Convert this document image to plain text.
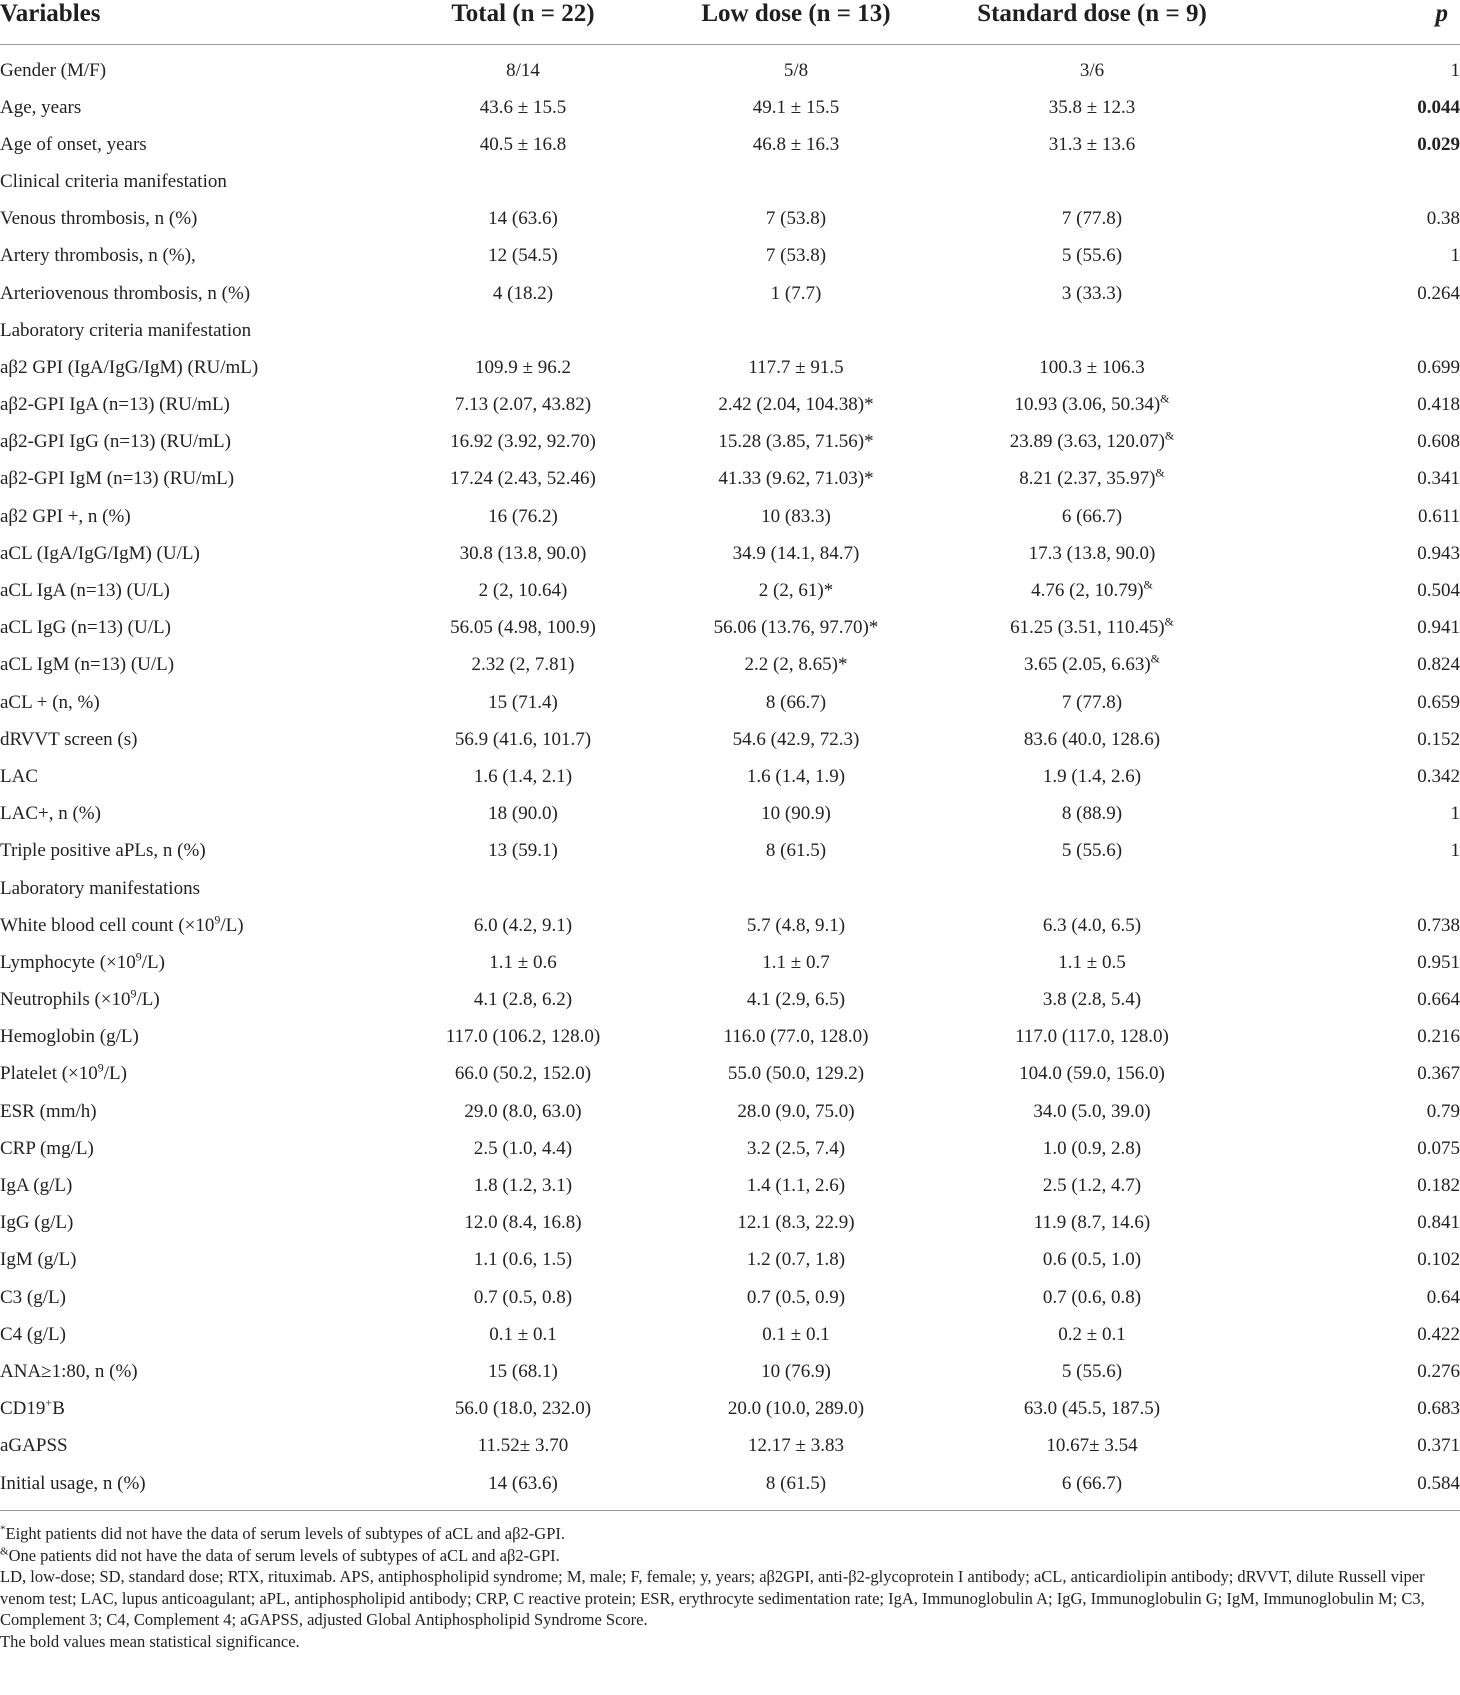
Variables	Total (n = 22)	Low dose (n = 13)	Standard dose (n = 9)	p
Gender (M/F)	8/14	5/8	3/6	1
Age, years	43.6 ± 15.5	49.1 ± 15.5	35.8 ± 12.3	0.044
Age of onset, years	40.5 ± 16.8	46.8 ± 16.3	31.3 ± 13.6	0.029
Clinical criteria manifestation				
Venous thrombosis, n (%)	14 (63.6)	7 (53.8)	7 (77.8)	0.38
Artery thrombosis, n (%),	12 (54.5)	7 (53.8)	5 (55.6)	1
Arteriovenous thrombosis, n (%)	4 (18.2)	1 (7.7)	3 (33.3)	0.264
Laboratory criteria manifestation				
aβ2 GPI (IgA/IgG/IgM) (RU/mL)	109.9 ± 96.2	117.7 ± 91.5	100.3 ± 106.3	0.699
aβ2-GPI IgA (n=13) (RU/mL)	7.13 (2.07, 43.82)	2.42 (2.04, 104.38)*	10.93 (3.06, 50.34)&	0.418
aβ2-GPI IgG (n=13) (RU/mL)	16.92 (3.92, 92.70)	15.28 (3.85, 71.56)*	23.89 (3.63, 120.07)&	0.608
aβ2-GPI IgM (n=13) (RU/mL)	17.24 (2.43, 52.46)	41.33 (9.62, 71.03)*	8.21 (2.37, 35.97)&	0.341
aβ2 GPI +, n (%)	16 (76.2)	10 (83.3)	6 (66.7)	0.611
aCL (IgA/IgG/IgM) (U/L)	30.8 (13.8, 90.0)	34.9 (14.1, 84.7)	17.3 (13.8, 90.0)	0.943
aCL IgA (n=13) (U/L)	2 (2, 10.64)	2 (2, 61)*	4.76 (2, 10.79)&	0.504
aCL IgG (n=13) (U/L)	56.05 (4.98, 100.9)	56.06 (13.76, 97.70)*	61.25 (3.51, 110.45)&	0.941
aCL IgM (n=13) (U/L)	2.32 (2, 7.81)	2.2 (2, 8.65)*	3.65 (2.05, 6.63)&	0.824
aCL + (n, %)	15 (71.4)	8 (66.7)	7 (77.8)	0.659
dRVVT screen (s)	56.9 (41.6, 101.7)	54.6 (42.9, 72.3)	83.6 (40.0, 128.6)	0.152
LAC	1.6 (1.4, 2.1)	1.6 (1.4, 1.9)	1.9 (1.4, 2.6)	0.342
LAC+, n (%)	18 (90.0)	10 (90.9)	8 (88.9)	1
Triple positive aPLs, n (%)	13 (59.1)	8 (61.5)	5 (55.6)	1
Laboratory manifestations				
White blood cell count $(\times 10^9/L)$	6.0 (4.2, 9.1)	5.7 (4.8, 9.1)	6.3 (4.0, 6.5)	0.738
Lymphocyte $(\times 10^9/L)$	1.1 ± 0.6	1.1 ± 0.7	1.1 ± 0.5	0.951
Neutrophils $(\times 10^9/L)$	4.1 (2.8, 6.2)	4.1 (2.9, 6.5)	3.8 (2.8, 5.4)	0.664
Hemoglobin (g/L)	117.0 (106.2, 128.0)	116.0 (77.0, 128.0)	117.0 (117.0, 128.0)	0.216
Platelet $(\times 10^9/L)$	66.0 (50.2, 152.0)	55.0 (50.0, 129.2)	104.0 (59.0, 156.0)	0.367
ESR (mm/h)	29.0 (8.0, 63.0)	28.0 (9.0, 75.0)	34.0 (5.0, 39.0)	0.79
CRP (mg/L)	2.5 (1.0, 4.4)	3.2 (2.5, 7.4)	1.0 (0.9, 2.8)	0.075
IgA (g/L)	1.8 (1.2, 3.1)	1.4 (1.1, 2.6)	2.5 (1.2, 4.7)	0.182
IgG (g/L)	12.0 (8.4, 16.8)	12.1 (8.3, 22.9)	11.9 (8.7, 14.6)	0.841
IgM (g/L)	1.1 (0.6, 1.5)	1.2 (0.7, 1.8)	0.6 (0.5, 1.0)	0.102
C3 (g/L)	0.7 (0.5, 0.8)	0.7 (0.5, 0.9)	0.7 (0.6, 0.8)	0.64
C4 (g/L)	0.1 ± 0.1	0.1 ± 0.1	0.2 ± 0.1	0.422
ANA≥1:80, n (%)	15 (68.1)	10 (76.9)	5 (55.6)	0.276
CD19+B	56.0 (18.0, 232.0)	20.0 (10.0, 289.0)	63.0 (45.5, 187.5)	0.683
aGAPSS	11.52± 3.70	12.17 ± 3.83	10.67± 3.54	0.371
Initial usage, n (%)	14 (63.6)	8 (61.5)	6 (66.7)	0.584
*Eight patients did not have the data of serum levels of subtypes of aCL and aβ2-GPI.
&One patients did not have the data of serum levels of subtypes of aCL and aβ2-GPI.
LD, low-dose; SD, standard dose; RTX, rituximab. APS, antiphospholipid syndrome; M, male; F, female; y, years; aβ2GPI, anti-β2-glycoprotein I antibody; aCL, anticardiolipin antibody; dRVVT, dilute Russell viper venom test; LAC, lupus anticoagulant; aPL, antiphospholipid antibody; CRP, C reactive protein; ESR, erythrocyte sedimentation rate; IgA, Immunoglobulin A; IgG, Immunoglobulin G; IgM, Immunoglobulin M; C3, Complement 3; C4, Complement 4; aGAPSS, adjusted Global Antiphospholipid Syndrome Score.
The bold values mean statistical significance.
